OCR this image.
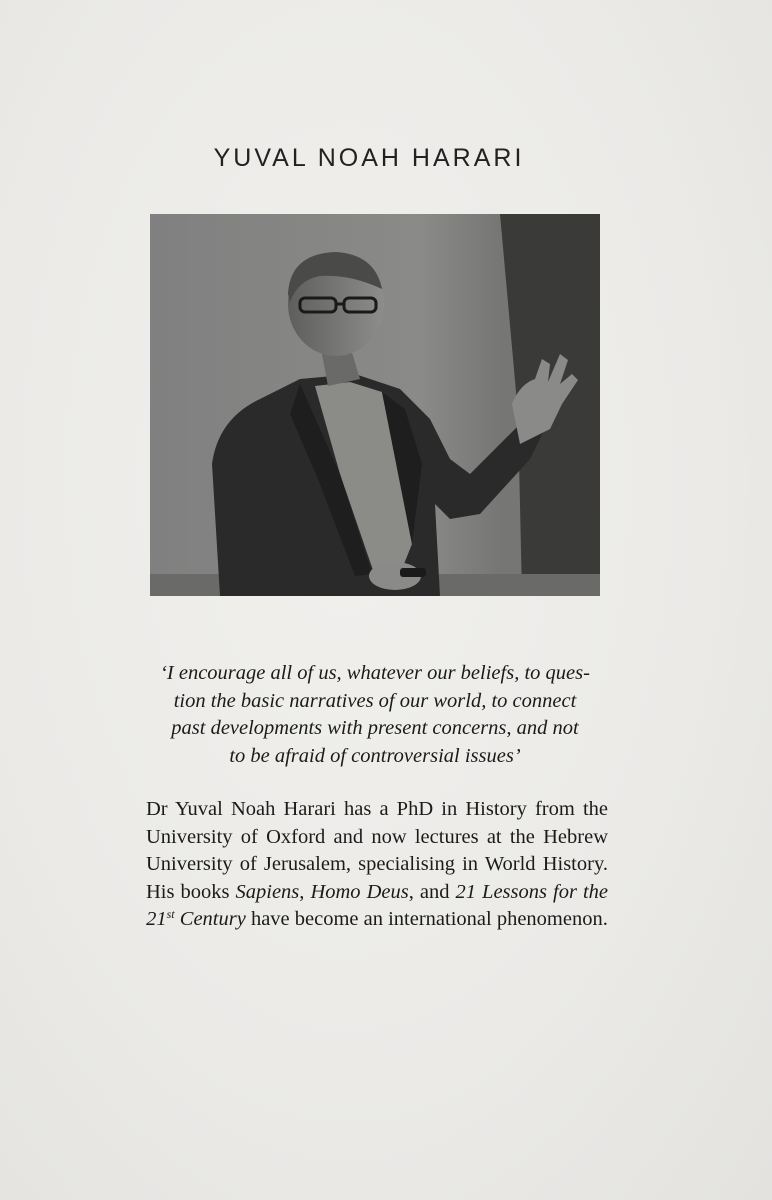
YUVAL NOAH HARARI

‘I encourage all of us, whatever our beliefs, to ques-
tion the basic narratives of our world, to connect
past developments with present concerns, and not
to be afraid of controversial issues’

Dr Yuval Noah Harari has a PhD in History from the University of Oxford and now lectures at the Hebrew University of Jerusalem, specialising in World History. His books Sapiens, Homo Deus, and 21 Lessons for the 21st Century have become an international phenomenon.
